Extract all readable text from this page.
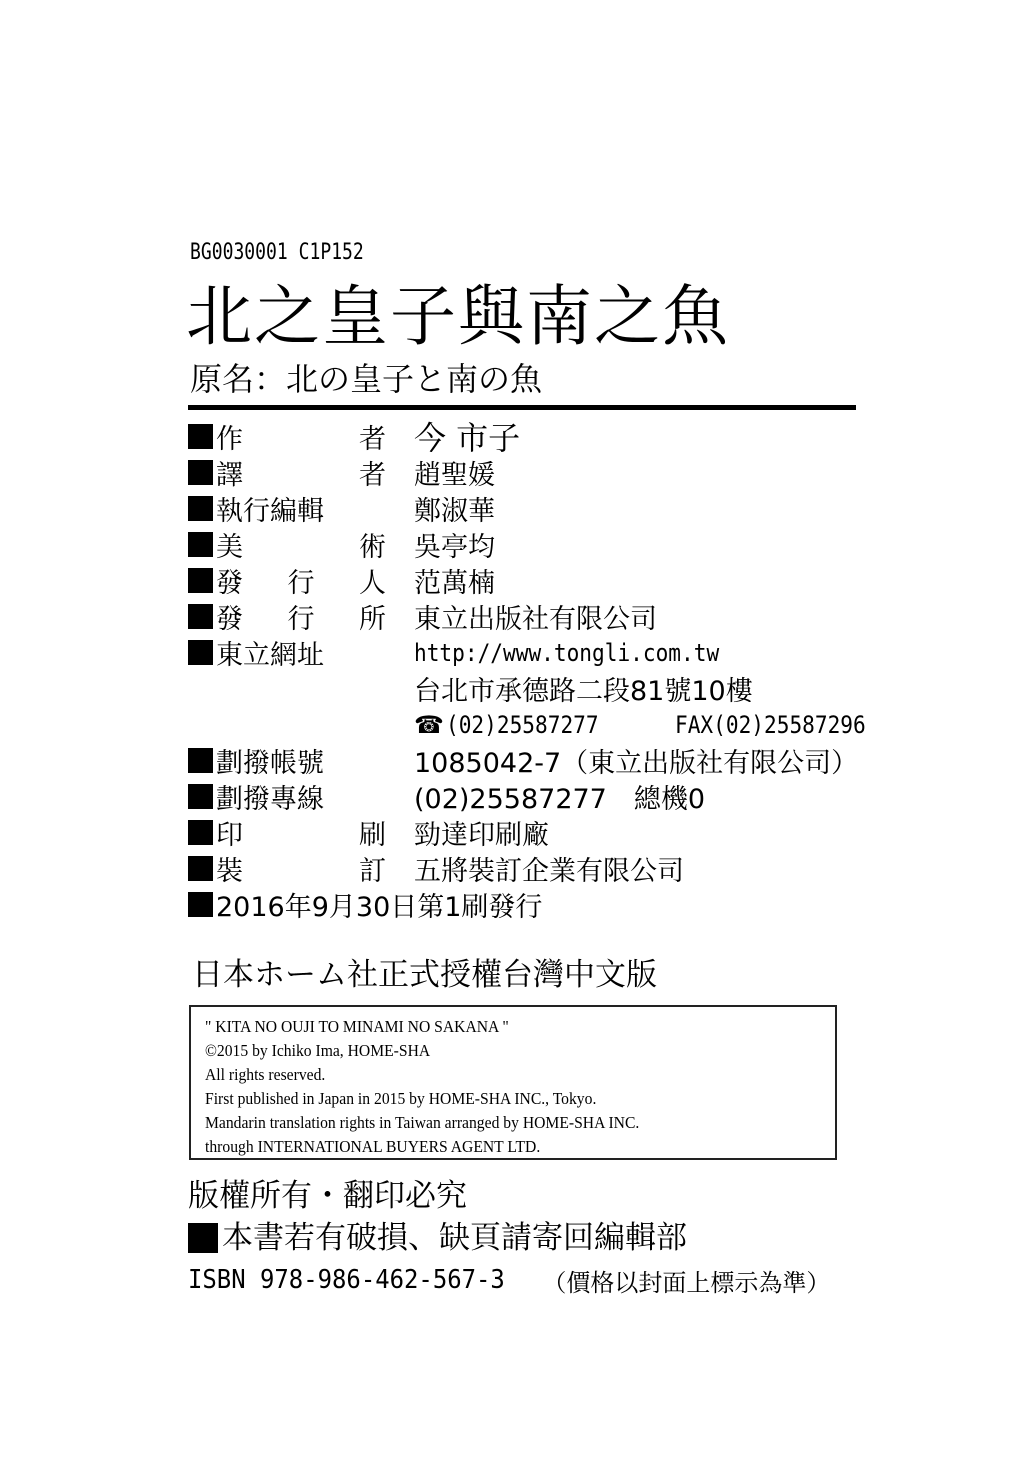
BG0030001 C1P152
北之皇子與南之魚
原名：北の皇子と南の魚
作	者 今 市子
譯	者 趙聖媛
執行編輯	鄭淑華
美	術 吳亭均
發 行 人 范萬楠
發 行 所 東立出版社有限公司
東立網址	http://www.tongli.com.tw
台北市承德路二段81號10樓
☎(02)25587277	FAX(02)25587296
劃撥帳號	1085042-7（東立出版社有限公司）
劃撥專線	(02)25587277　總機0
印	刷 勁達印刷廠
裝	訂 五將裝訂企業有限公司
2016年9月30日第1刷發行
日本ホーム社正式授權台灣中文版
" KITA NO OUJI TO MINAMI NO SAKANA "
©2015 by Ichiko Ima, HOME-SHA
All rights reserved.
First published in Japan in 2015 by HOME-SHA INC., Tokyo.
Mandarin translation rights in Taiwan arranged by HOME-SHA INC.
through INTERNATIONAL BUYERS AGENT LTD.
版權所有・翻印必究
本書若有破損、缺頁請寄回編輯部
ISBN 978-986-462-567-3 （價格以封面上標示為準）
